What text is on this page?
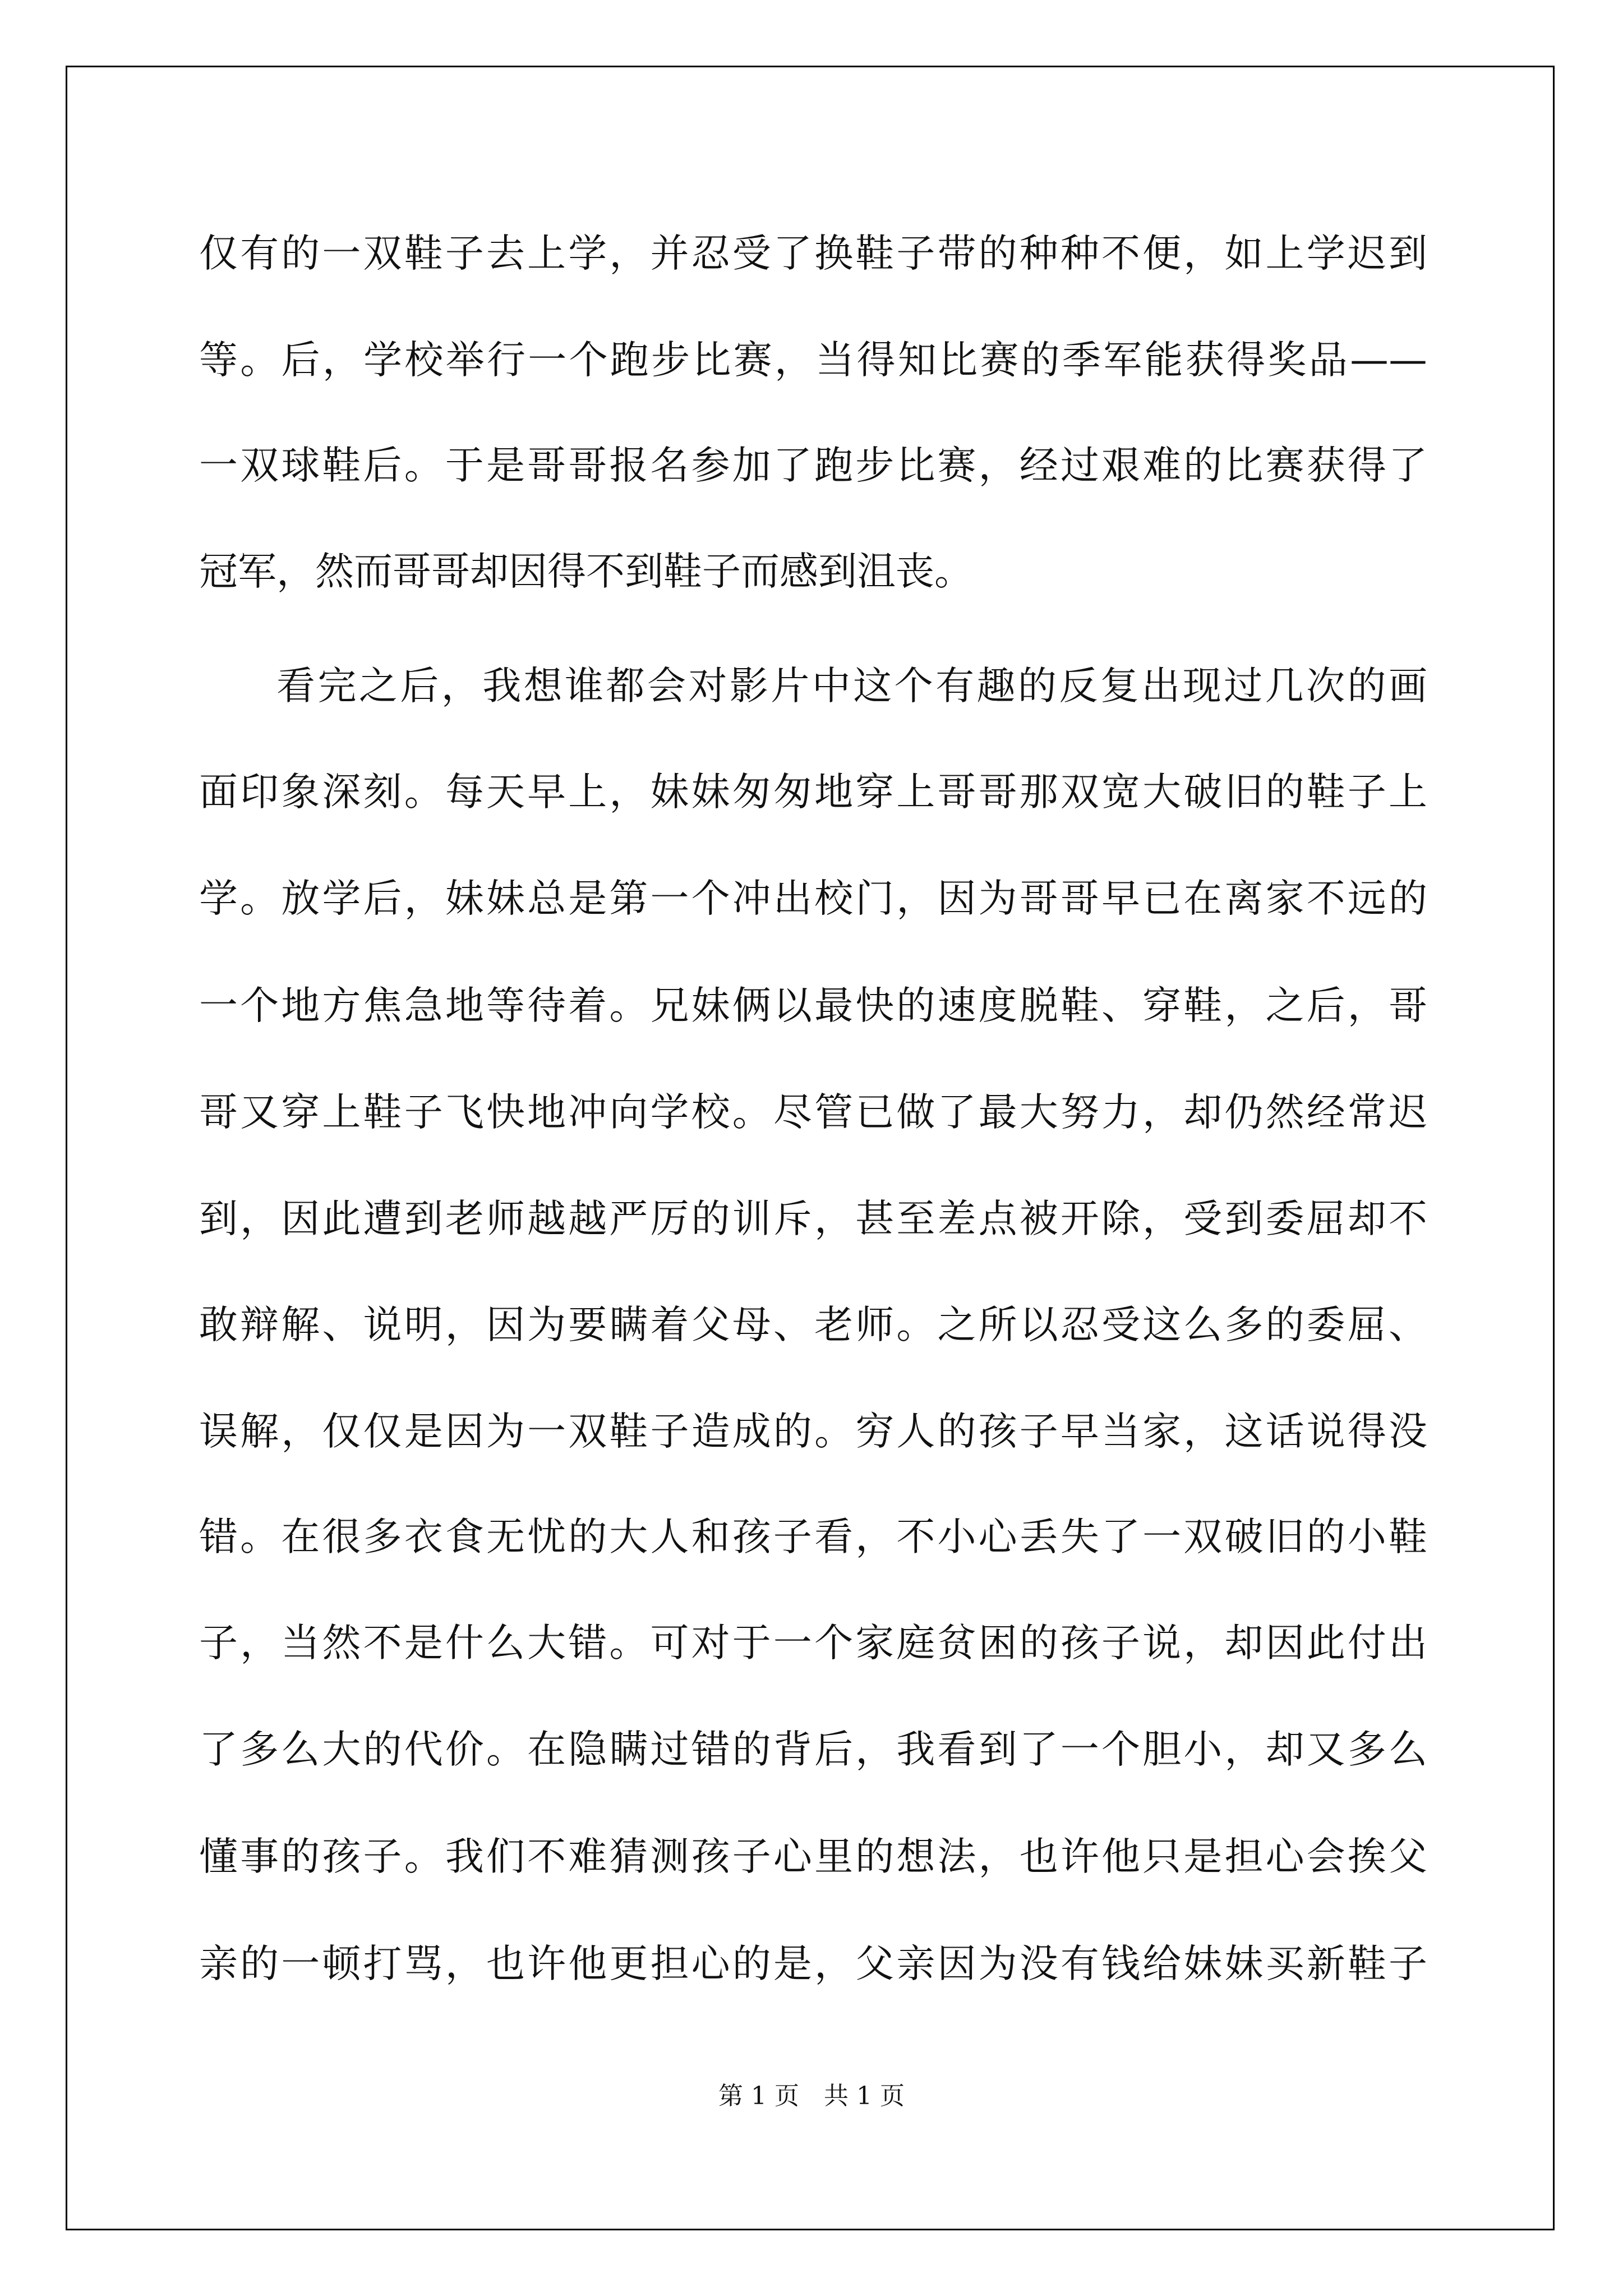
仅有的一双鞋子去上学，并忍受了换鞋子带的种种不便，如上学迟到
等。后，学校举行一个跑步比赛，当得知比赛的季军能获得奖品——
一双球鞋后。于是哥哥报名参加了跑步比赛，经过艰难的比赛获得了
冠军，然而哥哥却因得不到鞋子而感到沮丧。
看完之后，我想谁都会对影片中这个有趣的反复出现过几次的画
面印象深刻。每天早上，妹妹匆匆地穿上哥哥那双宽大破旧的鞋子上
学。放学后，妹妹总是第一个冲出校门，因为哥哥早已在离家不远的
一个地方焦急地等待着。兄妹俩以最快的速度脱鞋、穿鞋，之后，哥
哥又穿上鞋子飞快地冲向学校。尽管已做了最大努力，却仍然经常迟
到，因此遭到老师越越严厉的训斥，甚至差点被开除，受到委屈却不
敢辩解、说明，因为要瞒着父母、老师。之所以忍受这么多的委屈、
误解，仅仅是因为一双鞋子造成的。穷人的孩子早当家，这话说得没
错。在很多衣食无忧的大人和孩子看，不小心丢失了一双破旧的小鞋
子，当然不是什么大错。可对于一个家庭贫困的孩子说，却因此付出
了多么大的代价。在隐瞒过错的背后，我看到了一个胆小，却又多么
懂事的孩子。我们不难猜测孩子心里的想法，也许他只是担心会挨父
亲的一顿打骂，也许他更担心的是，父亲因为没有钱给妹妹买新鞋子
第 1 页　共 1 页
